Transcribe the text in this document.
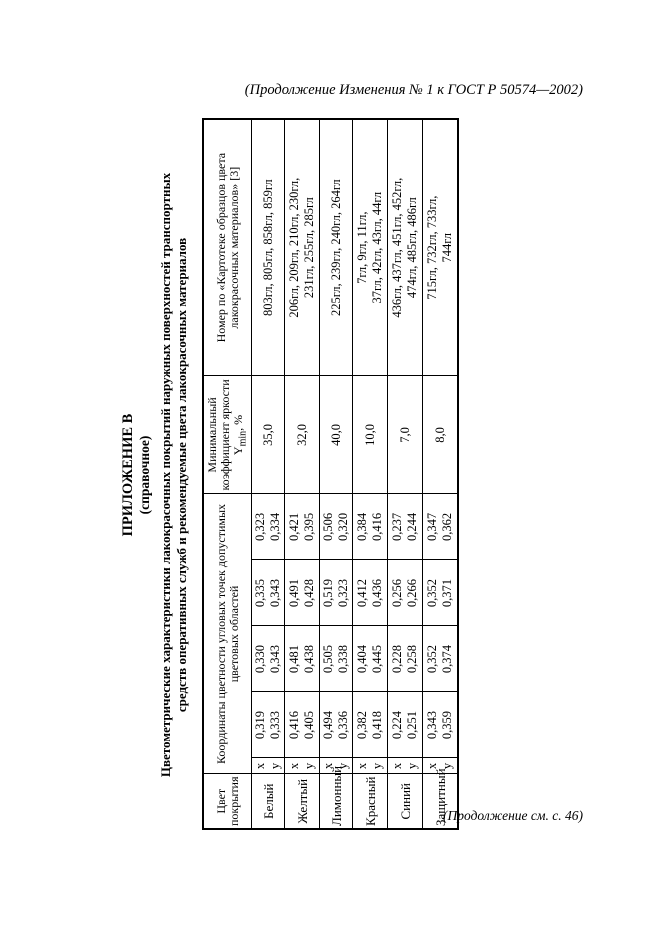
(Продолжение Изменения № 1 к ГОСТ Р 50574—2002)
ПРИЛОЖЕНИЕ В (справочное) Цветометрические характеристики лакокрасочных покрытий наружных поверхностей транспортных средств оперативных служб и рекомендуемые цвета лакокрасочных материалов
Цвет покрытия	Координаты цветности угловых точек допустимых цветовых областей					Минимальный коэффициент яркости $Y_{min}$, %	Номер по «Картотеке образцов цвета лакокрасочных материалов» [3]
Белый	x y	0,319 0,333	0,330 0,343	0,335 0,343	0,323 0,334	35,0	803гл, 805гл, 858гл, 859гл

Желтый	x y	0,416 0,405	0,481 0,438	0,491 0,428	0,421 0,395	32,0	206гл, 209гл, 210гл, 230гл, 231гл, 255гл, 285гл

Лимонный	x y	0,494 0,336	0,505 0,338	0,519 0,323	0,506 0,320	40,0	225гл, 239гл, 240гл, 264гл

Красный	x y	0,382 0,418	0,404 0,445	0,412 0,436	0,384 0,416	10,0	7гл, 9гл, 11гл, 37гл, 42гл, 43гл, 44гл

Синий	x y	0,224 0,251	0,228 0,258	0,256 0,266	0,237 0,244	7,0	436гл, 437гл, 451гл, 452гл, 474гл, 485гл, 486гл

Защитный	x y	0,343 0,359	0,352 0,374	0,352 0,371	0,347 0,362	8,0	715гл, 732гл, 733гл, 744гл
(Продолжение см. с. 46)
